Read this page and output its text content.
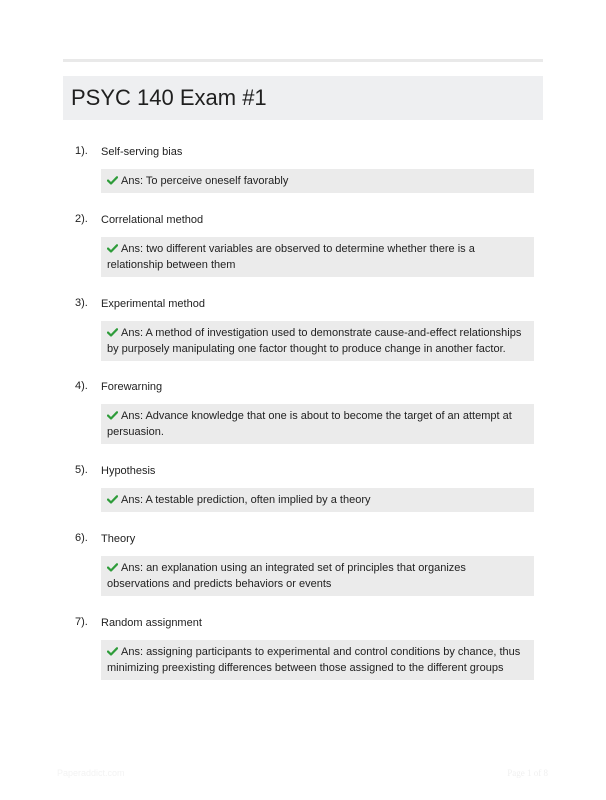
PSYC 140 Exam #1
1). Self-serving bias
Ans: To perceive oneself favorably
2). Correlational method
Ans: two different variables are observed to determine whether there is a relationship between them
3). Experimental method
Ans: A method of investigation used to demonstrate cause-and-effect relationships by purposely manipulating one factor thought to produce change in another factor.
4). Forewarning
Ans: Advance knowledge that one is about to become the target of an attempt at persuasion.
5). Hypothesis
Ans: A testable prediction, often implied by a theory
6). Theory
Ans: an explanation using an integrated set of principles that organizes observations and predicts behaviors or events
7). Random assignment
Ans: assigning participants to experimental and control conditions by chance, thus minimizing preexisting differences between those assigned to the different groups
Paperaddict.com	Page 1 of 8
